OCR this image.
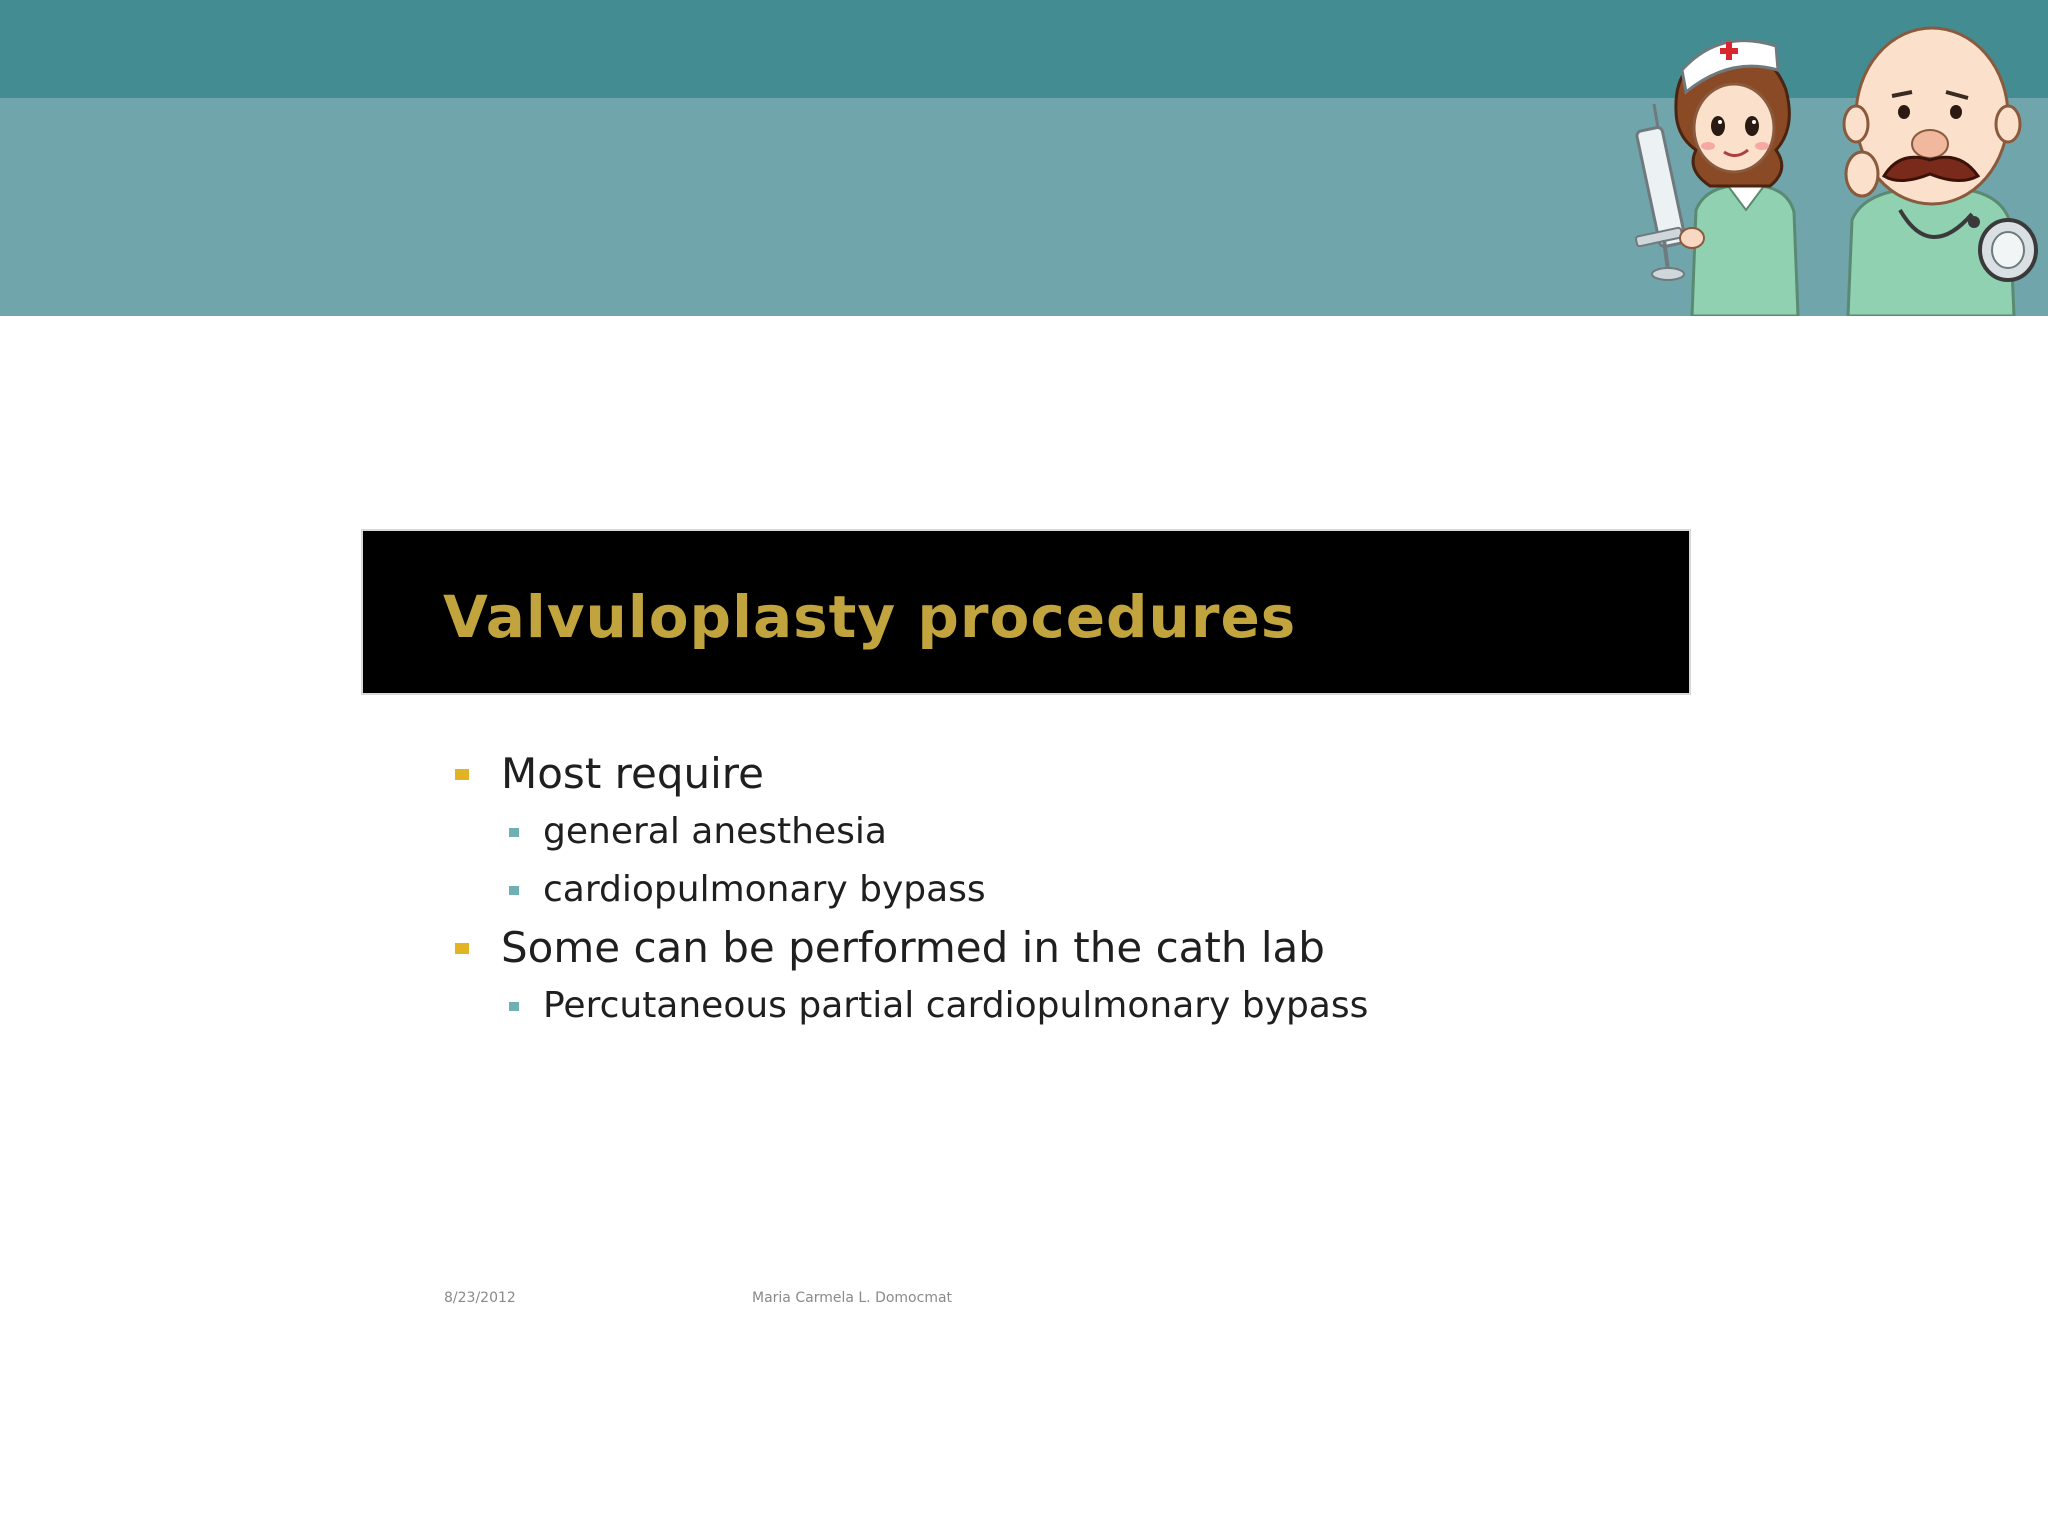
Valvuloplasty procedures
Most require
general anesthesia
cardiopulmonary bypass
Some can be performed in the cath lab
Percutaneous partial cardiopulmonary bypass
8/23/2012	Maria Carmela L. Domocmat
